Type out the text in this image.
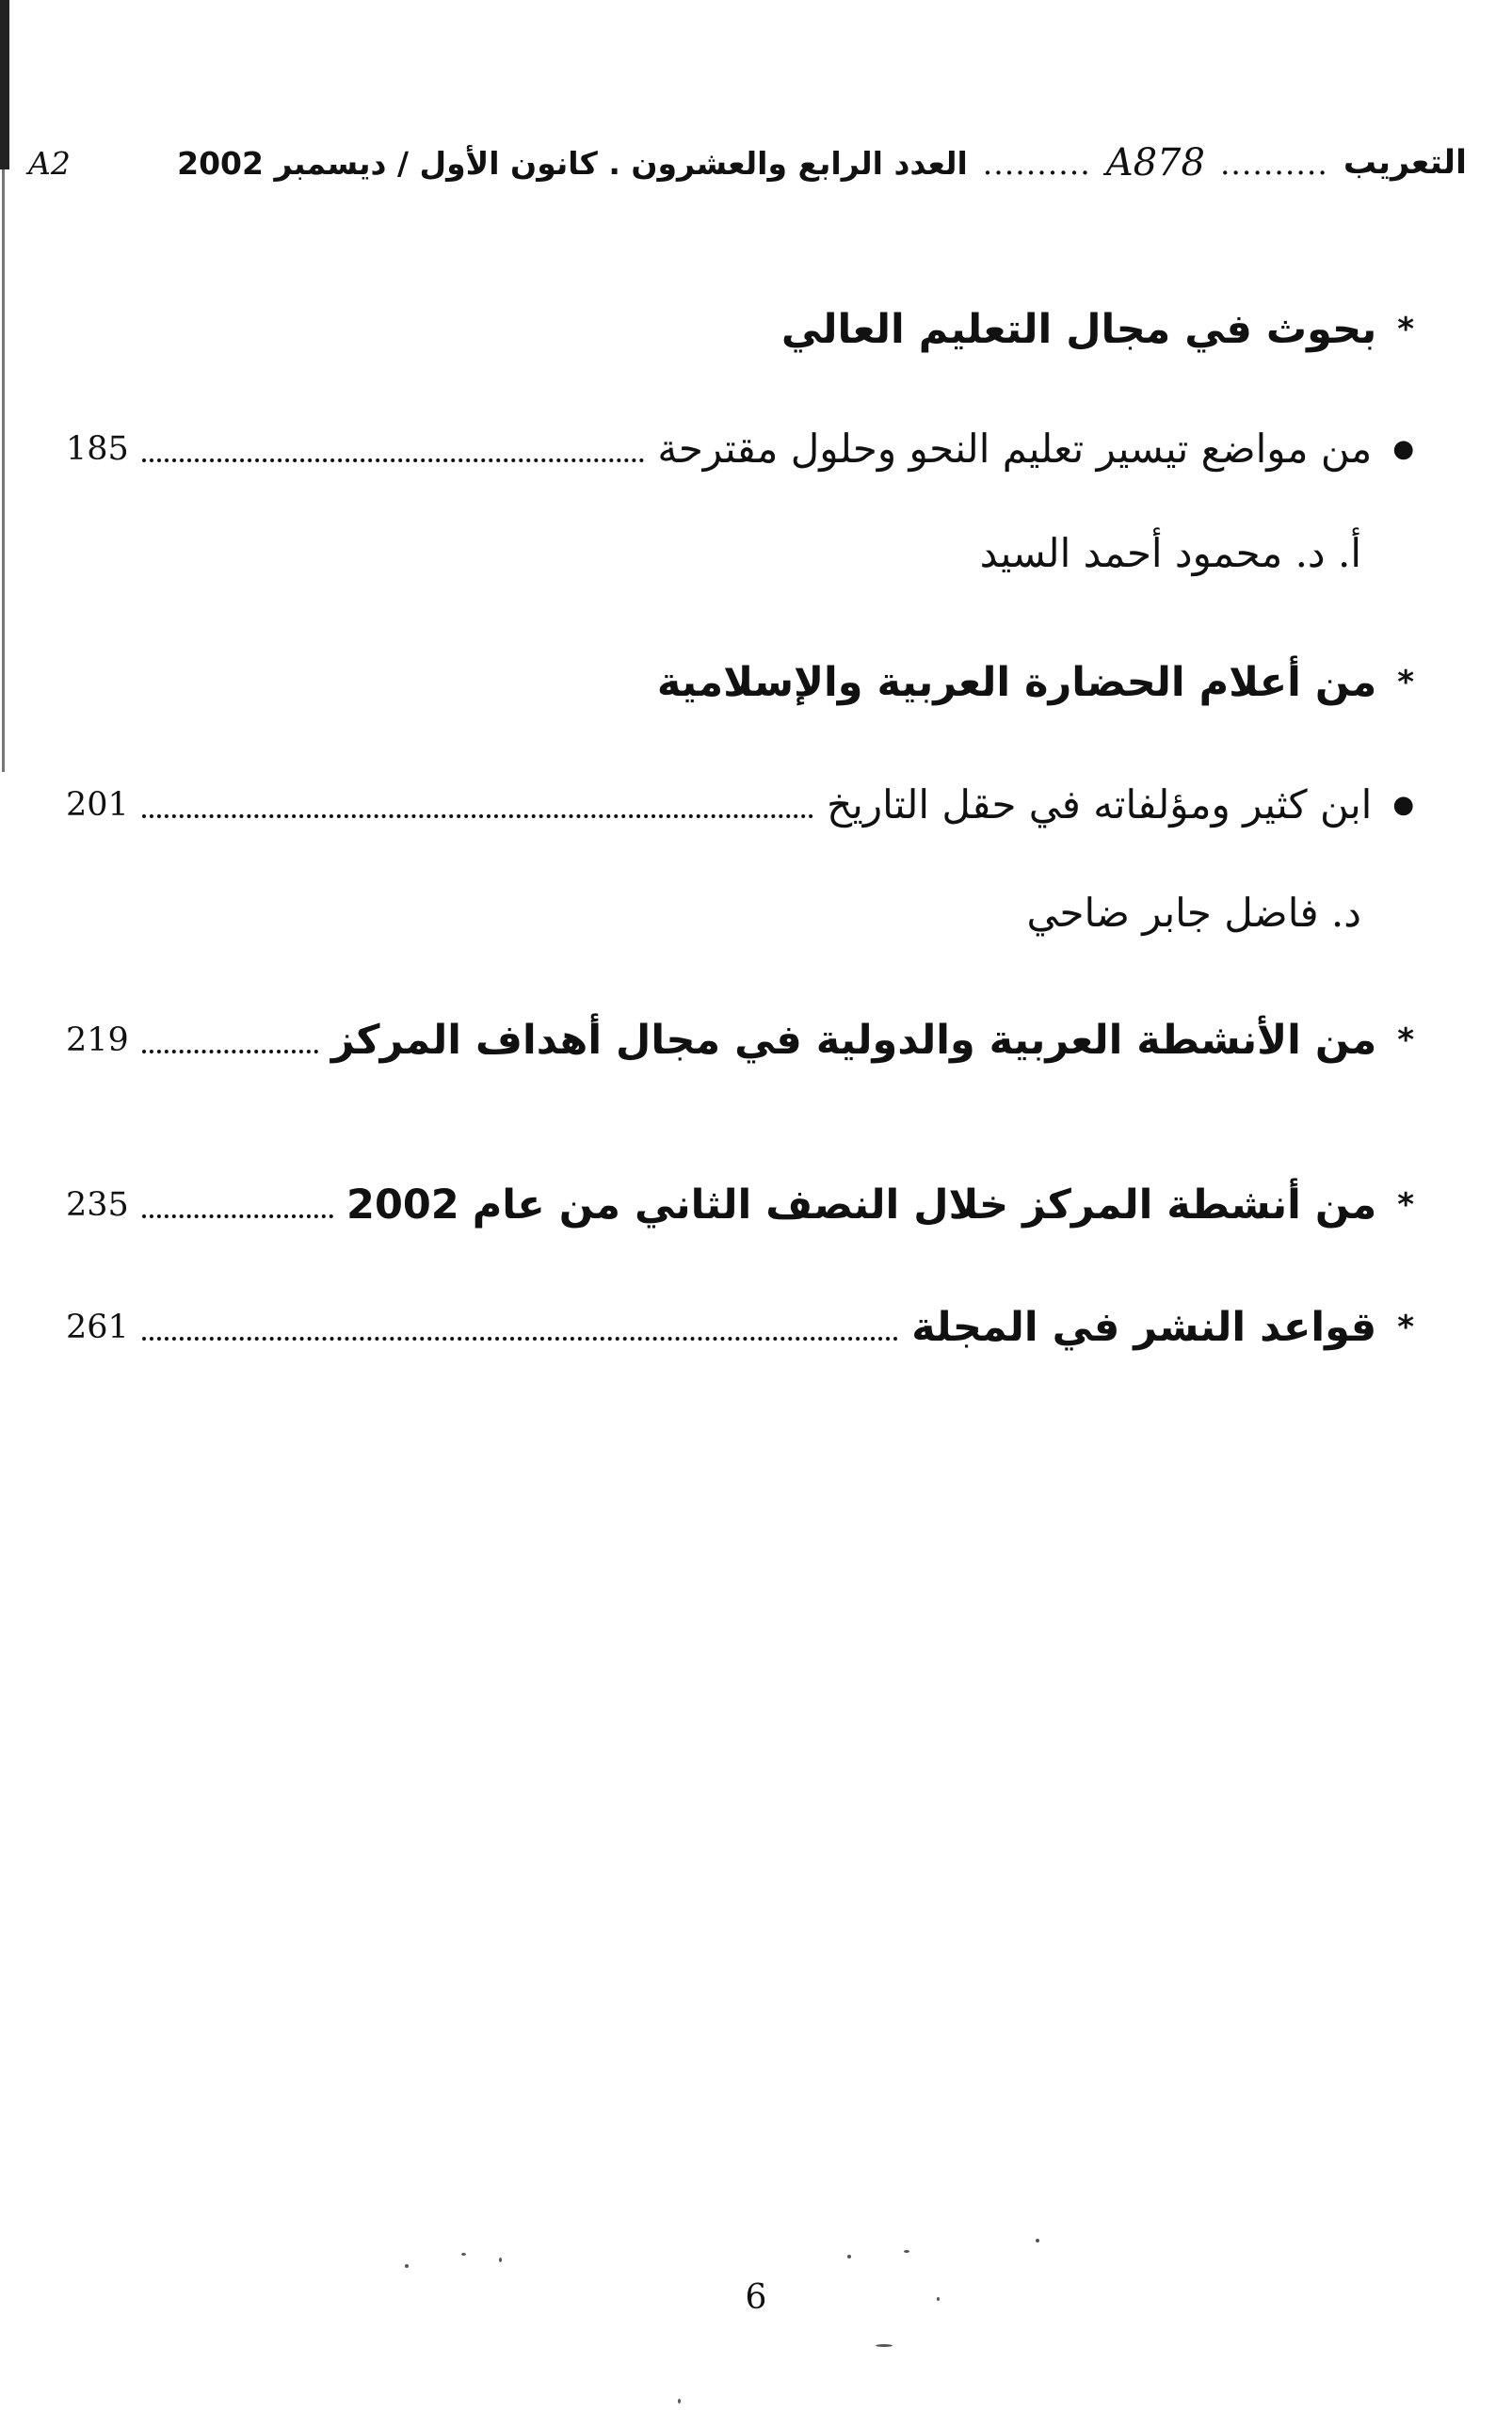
التعريب
..........
A878
..........
العدد الرابع والعشرون . كانون الأول / ديسمبر 2002
A2
*
بحوث في مجال التعليم العالي
●
من مواضع تيسير تعليم النحو وحلول مقترحة
185
أ. د. محمود أحمد السيد
*
من أعلام الحضارة العربية والإسلامية
●
ابن كثير ومؤلفاته في حقل التاريخ
201
د. فاضل جابر ضاحي
*
من الأنشطة العربية والدولية في مجال أهداف المركز
219
*
من أنشطة المركز خلال النصف الثاني من عام
2002
235
*
قواعد النشر في المجلة
261
6
